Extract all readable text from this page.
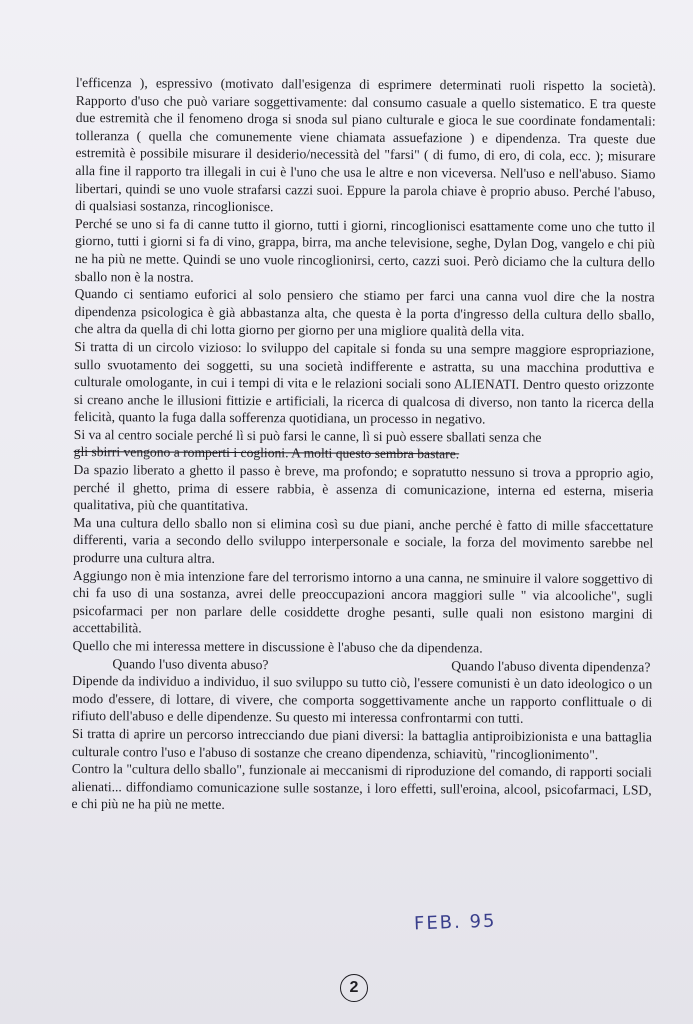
l'efficenza ), espressivo (motivato dall'esigenza di esprimere determinati ruoli rispetto la società). Rapporto d'uso che può variare soggettivamente: dal consumo casuale a quello sistematico. E tra queste due estremità che il fenomeno droga si snoda sul piano culturale e gioca le sue coordinate fondamentali: tolleranza ( quella che comunemente viene chiamata assuefazione ) e dipendenza. Tra queste due estremità è possibile misurare il desiderio/necessità del "farsi" ( di fumo, di ero, di cola, ecc. ); misurare alla fine il rapporto tra illegali in cui è l'uno che usa le altre e non viceversa. Nell'uso e nell'abuso. Siamo libertari, quindi se uno vuole strafarsi cazzi suoi. Eppure la parola chiave è proprio abuso. Perché l'abuso, di qualsiasi sostanza, rincoglionisce.

Perché se uno si fa di canne tutto il giorno, tutti i giorni, rincoglionisci esattamente come uno che tutto il giorno, tutti i giorni si fa di vino, grappa, birra, ma anche televisione, seghe, Dylan Dog, vangelo e chi più ne ha più ne mette. Quindi se uno vuole rincoglionirsi, certo, cazzi suoi. Però diciamo che la cultura dello sballo non è la nostra.

Quando ci sentiamo euforici al solo pensiero che stiamo per farci una canna vuol dire che la nostra dipendenza psicologica è già abbastanza alta, che questa è la porta d'ingresso della cultura dello sballo, che altra da quella di chi lotta giorno per giorno per una migliore qualità della vita.

Si tratta di un circolo vizioso: lo sviluppo del capitale si fonda su una sempre maggiore espropriazione, sullo svuotamento dei soggetti, su una società indifferente e astratta, su una macchina produttiva e culturale omologante, in cui i tempi di vita e le relazioni sociali sono ALIENATI. Dentro questo orizzonte si creano anche le illusioni fittizie e artificiali, la ricerca di qualcosa di diverso, non tanto la ricerca della felicità, quanto la fuga dalla sofferenza quotidiana, un processo in negativo.

Si va al centro sociale perché lì si può farsi le canne, lì si può essere sballati senza che

gli sbirri vengono a romperti i coglioni. A molti questo sembra bastare.

Da spazio liberato a ghetto il passo è breve, ma profondo; e sopratutto nessuno si trova a pproprio agio, perché il ghetto, prima di essere rabbia, è assenza di comunicazione, interna ed esterna, miseria qualitativa, più che quantitativa.

Ma una cultura dello sballo non si elimina così su due piani, anche perché è fatto di mille sfaccettature differenti, varia a secondo dello sviluppo interpersonale e sociale, la forza del movimento sarebbe nel produrre una cultura altra.

Aggiungo non è mia intenzione fare del terrorismo intorno a una canna, ne sminuire il valore soggettivo di chi fa uso di una sostanza, avrei delle preoccupazioni ancora maggiori sulle " via alcooliche", sugli psicofarmaci per non parlare delle cosiddette droghe pesanti, sulle quali non esistono margini di accettabilità.

Quello che mi interessa mettere in discussione è l'abuso che da dipendenza.

Quando l'uso diventa abuso?	Quando l'abuso diventa dipendenza?

Dipende da individuo a individuo, il suo sviluppo su tutto ciò, l'essere comunisti è un dato ideologico o un modo d'essere, di lottare, di vivere, che comporta soggettivamente anche un rapporto conflittuale o di rifiuto dell'abuso e delle dipendenze. Su questo mi interessa confrontarmi con tutti.

Si tratta di aprire un percorso intrecciando due piani diversi: la battaglia antiproibizionista e una battaglia culturale contro l'uso e l'abuso di sostanze che creano dipendenza, schiavitù, "rincoglionimento".

Contro la "cultura dello sballo", funzionale ai meccanismi di riproduzione del comando, di rapporti sociali alienati... diffondiamo comunicazione sulle sostanze, i loro effetti, sull'eroina, alcool, psicofarmaci, LSD, e chi più ne ha più ne mette.

FEB. 95
2
